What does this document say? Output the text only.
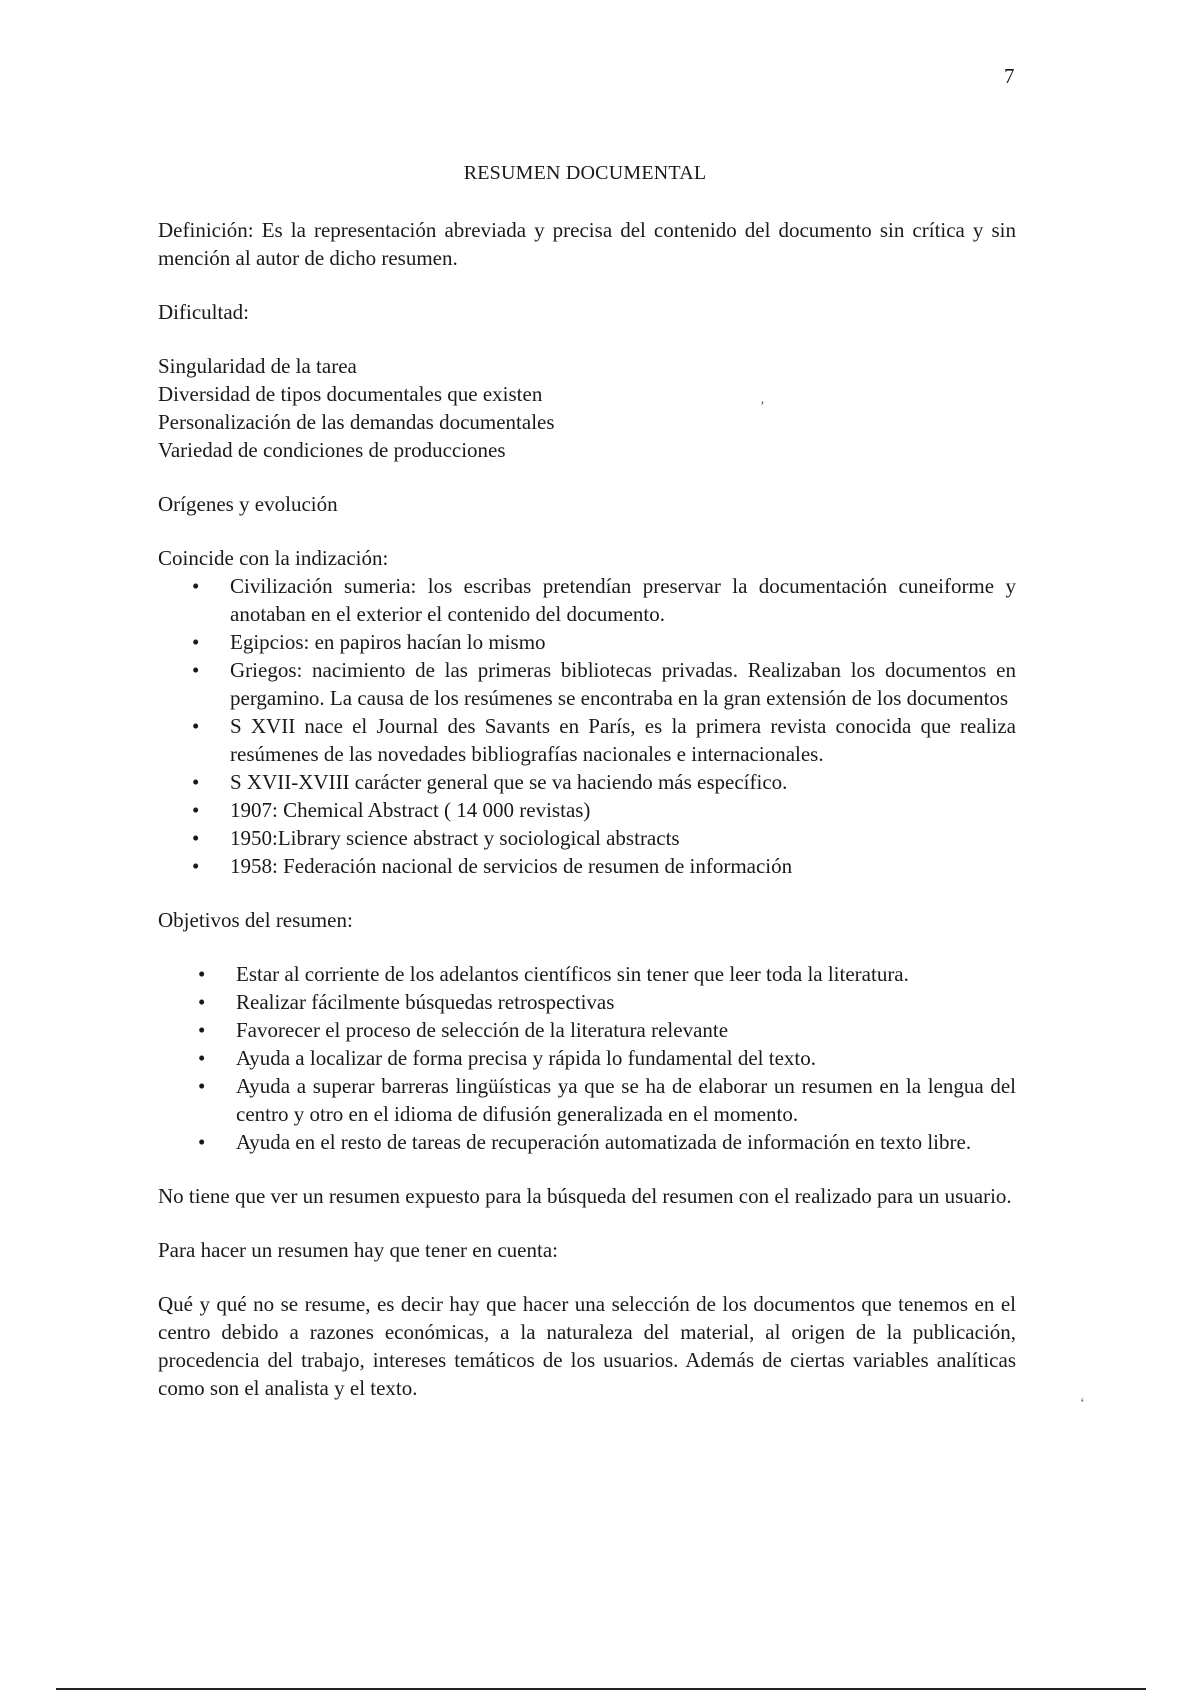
7
RESUMEN DOCUMENTAL

Definición: Es la representación abreviada y precisa del contenido del documento sin crítica y sin mención al autor de dicho resumen.

Dificultad:

Singularidad de la tarea
Diversidad de tipos documentales que existen
Personalización de las demandas documentales
Variedad de condiciones de producciones

Orígenes y evolución

Coincide con la indización:

• Civilización sumeria: los escribas pretendían preservar la documentación cuneiforme y anotaban en el exterior el contenido del documento.
• Egipcios: en papiros hacían lo mismo
• Griegos: nacimiento de las primeras bibliotecas privadas. Realizaban los documentos en pergamino. La causa de los resúmenes se encontraba en la gran extensión de los documentos
• S XVII nace el Journal des Savants en París, es la primera revista conocida que realiza resúmenes de las novedades bibliografías nacionales e internacionales.
• S XVII-XVIII carácter general que se va haciendo más específico.
• 1907: Chemical Abstract ( 14 000 revistas)
• 1950:Library science abstract y sociological abstracts
• 1958: Federación nacional de servicios de resumen de información

Objetivos del resumen:

• Estar al corriente de los adelantos científicos sin tener que leer toda la literatura.
• Realizar fácilmente búsquedas retrospectivas
• Favorecer el proceso de selección de la literatura relevante
• Ayuda a localizar de forma precisa y rápida lo fundamental del texto.
• Ayuda a superar barreras lingüísticas ya que se ha de elaborar un resumen en la lengua del centro y otro en el idioma de difusión generalizada en el momento.
• Ayuda en el resto de tareas de recuperación automatizada de información en texto libre.

No tiene que ver un resumen expuesto para la búsqueda del resumen con el realizado para un usuario.

Para hacer un resumen hay que tener en cuenta:

Qué y qué no se resume, es decir hay que hacer una selección de los documentos que tenemos en el centro debido a razones económicas, a la naturaleza del material, al origen de la publicación, procedencia del trabajo, intereses temáticos de los usuarios. Además de ciertas variables analíticas como son el analista y el texto.

‚
‘
